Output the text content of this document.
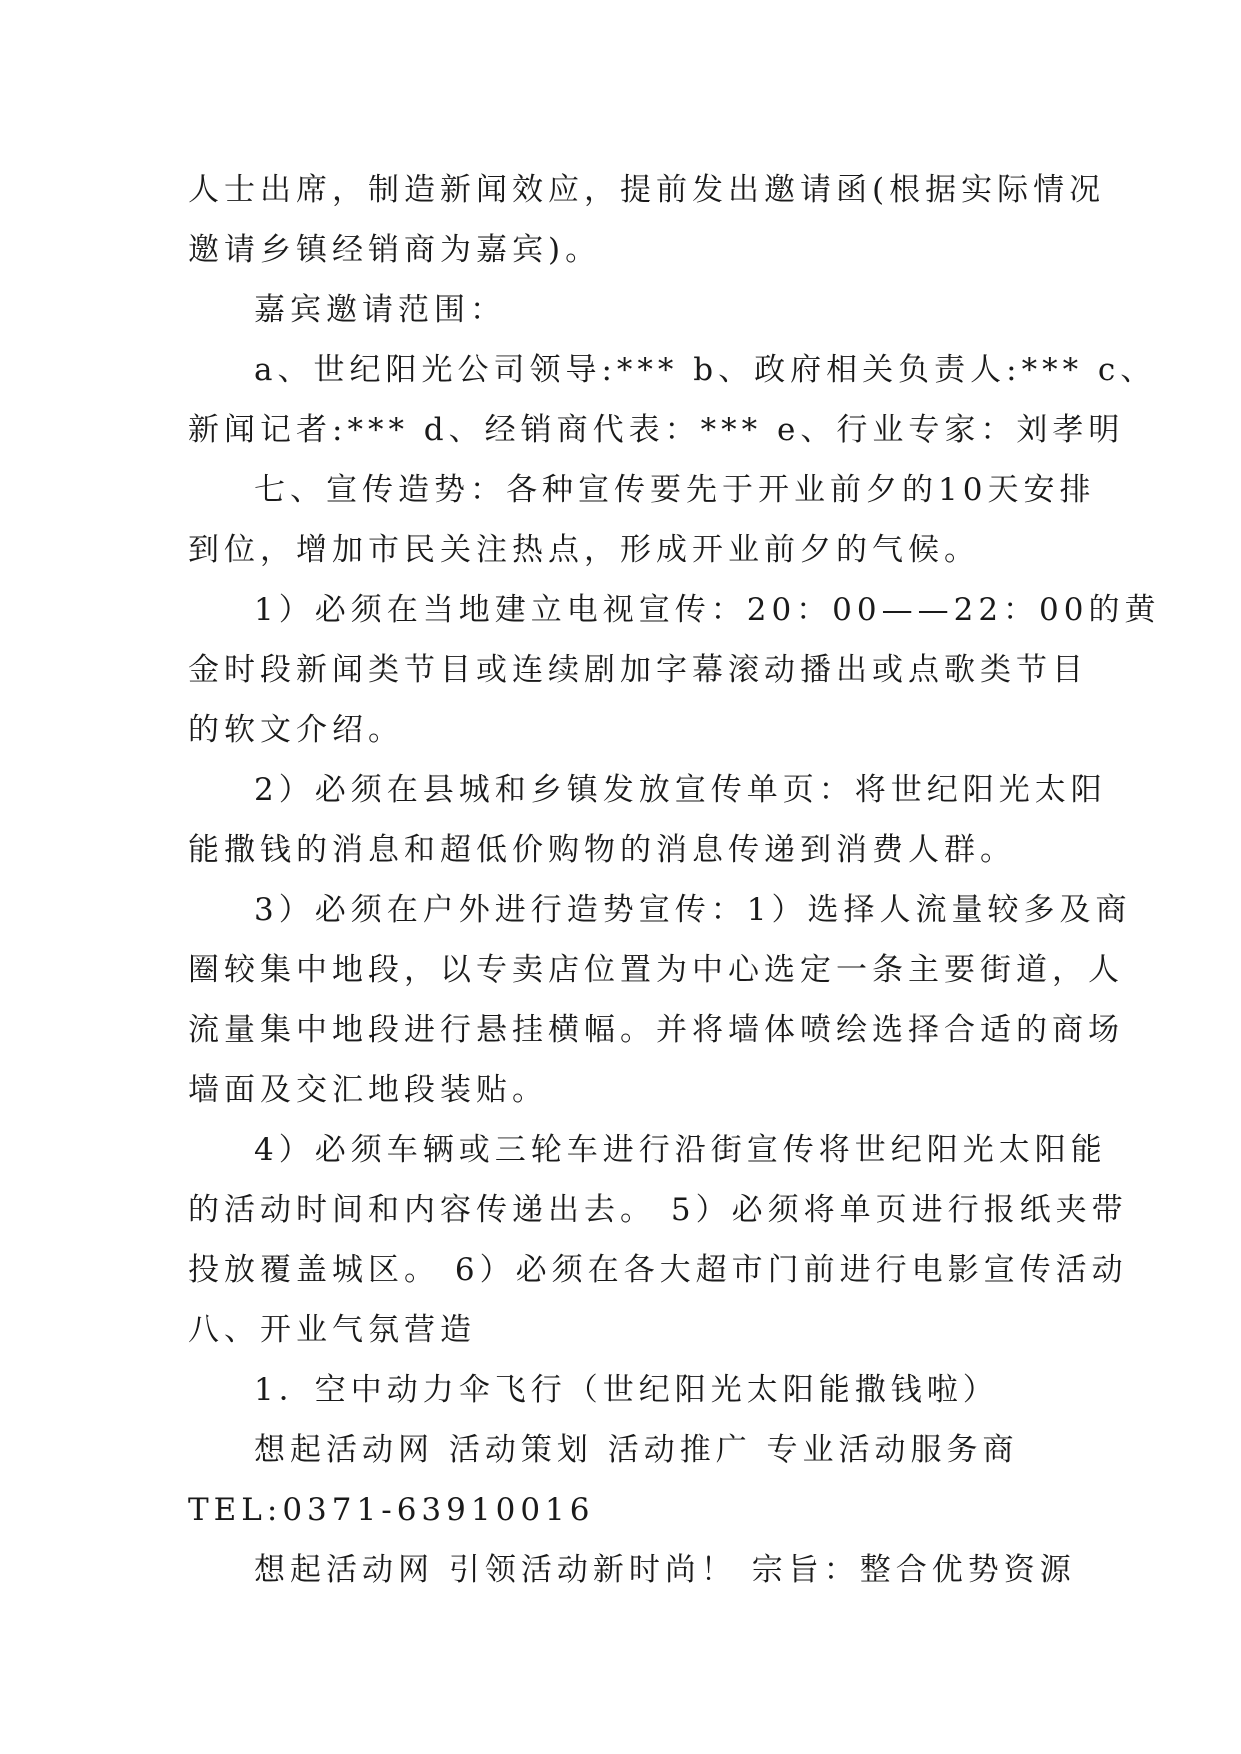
人士出席，制造新闻效应，提前发出邀请函(根据实际情况
邀请乡镇经销商为嘉宾)。

嘉宾邀请范围：

a、世纪阳光公司领导:*** b、政府相关负责人:*** c、
新闻记者:*** d、经销商代表：*** e、行业专家：刘孝明

七、宣传造势：各种宣传要先于开业前夕的10天安排
到位，增加市民关注热点，形成开业前夕的气候。

1）必须在当地建立电视宣传：20：00——22：00的黄
金时段新闻类节目或连续剧加字幕滚动播出或点歌类节目
的软文介绍。

2）必须在县城和乡镇发放宣传单页：将世纪阳光太阳
能撒钱的消息和超低价购物的消息传递到消费人群。

3）必须在户外进行造势宣传：1）选择人流量较多及商
圈较集中地段，以专卖店位置为中心选定一条主要街道，人
流量集中地段进行悬挂横幅。并将墙体喷绘选择合适的商场
墙面及交汇地段装贴。

4）必须车辆或三轮车进行沿街宣传将世纪阳光太阳能
的活动时间和内容传递出去。 5）必须将单页进行报纸夹带
投放覆盖城区。 6）必须在各大超市门前进行电影宣传活动
八、开业气氛营造

1．空中动力伞飞行（世纪阳光太阳能撒钱啦）

想起活动网 活动策划 活动推广 专业活动服务商
TEL:0371-63910016

想起活动网 引领活动新时尚！ 宗旨：整合优势资源
